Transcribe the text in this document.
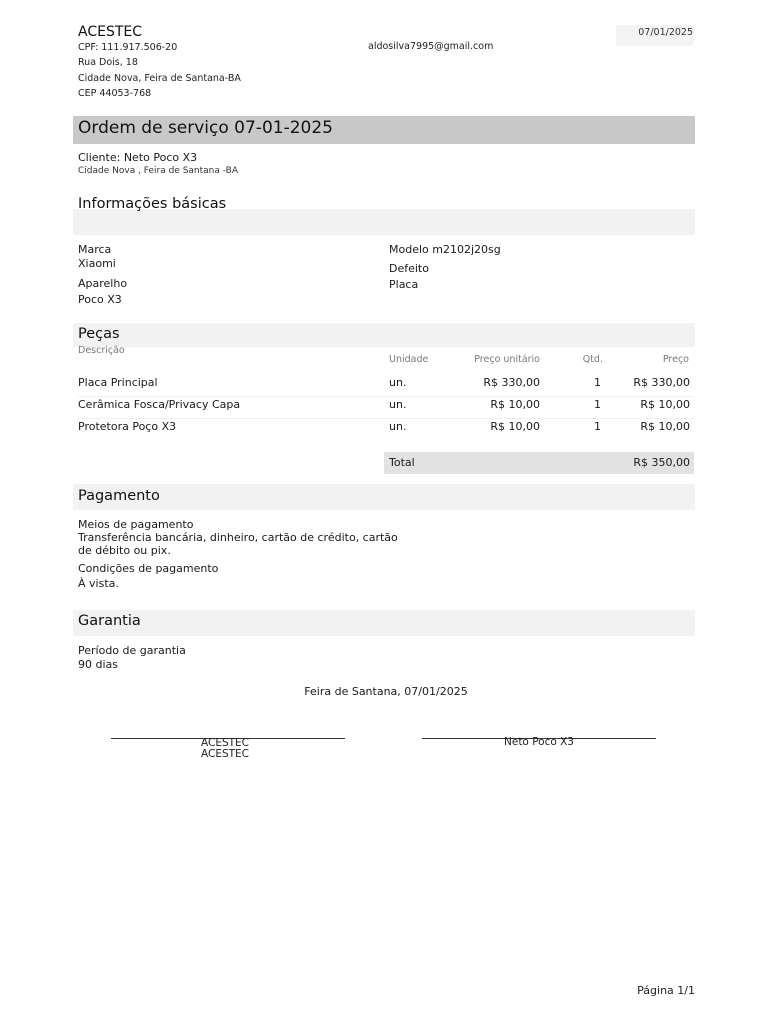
ACESTEC
CPF: 111.917.506-20
Rua Dois, 18
Cidade Nova, Feira de Santana-BA
CEP 44053-768
aldosilva7995@gmail.com
07/01/2025
Ordem de serviço 07-01-2025
Cliente: Neto Poco X3
Cidade Nova , Feira de Santana -BA
Informações básicas
Marca
Xiaomi
Aparelho
Poco X3
Modelo m2102j20sg
Defeito
Placa
Peças
Descrição
Unidade	Preço unitário	Qtd.	Preço
Placa Principal	un.	R$ 330,00	1	R$ 330,00
Cerâmica Fosca/Privacy Capa	un.	R$ 10,00	1	R$ 10,00
Protetora Poço X3	un.	R$ 10,00	1	R$ 10,00
Total	R$ 350,00
Pagamento
Meios de pagamento
Transferência bancária, dinheiro, cartão de crédito, cartão
de débito ou pix.
Condições de pagamento
À vista.
Garantia
Período de garantia
90 dias
Feira de Santana, 07/01/2025
ACESTEC
ACESTEC
Neto Poco X3
Página 1/1
